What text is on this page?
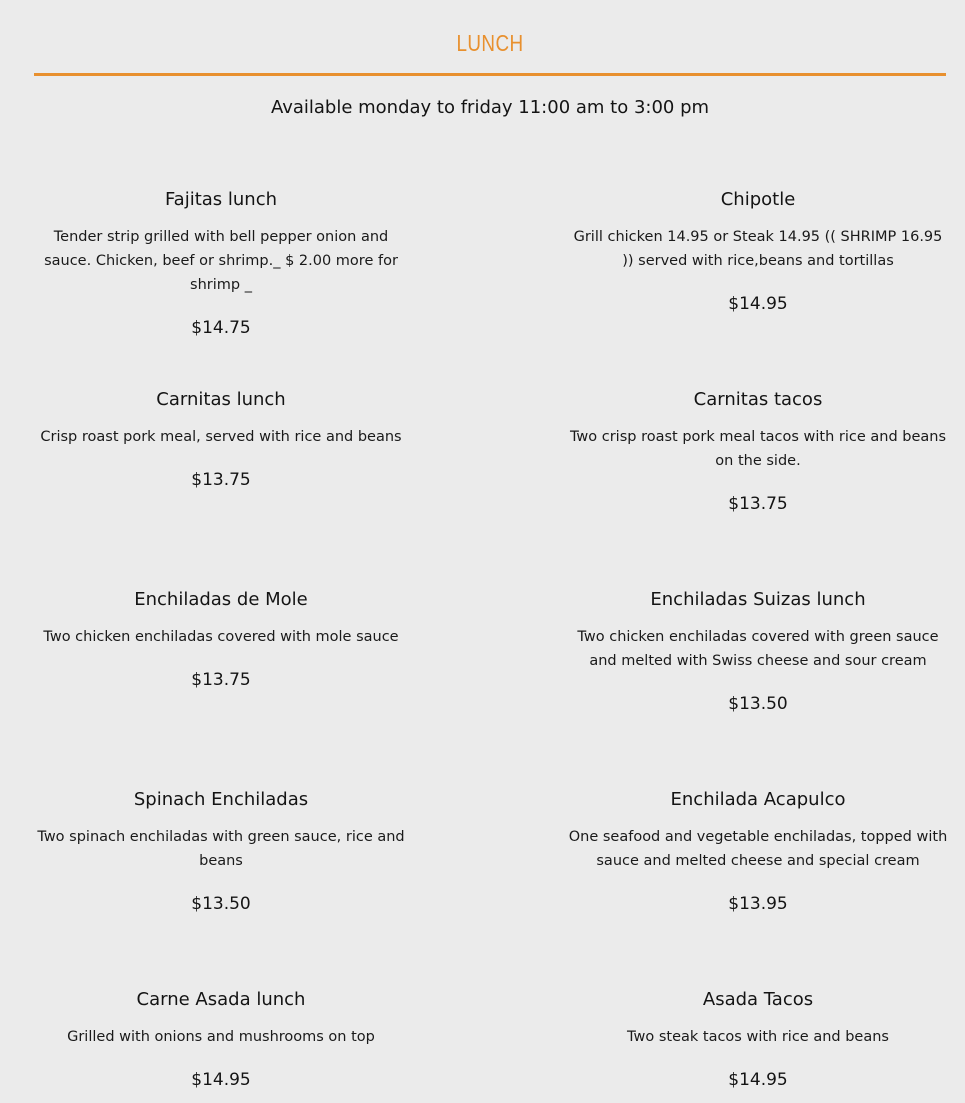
LUNCH
Available monday to friday 11:00 am to 3:00 pm
Fajitas lunch
Tender strip grilled with bell pepper onion and sauce. Chicken, beef or shrimp._ $ 2.00 more for shrimp _
$14.75
Chipotle
Grill chicken 14.95 or Steak 14.95 (( SHRIMP 16.95 )) served with rice,beans and tortillas
$14.95
Carnitas lunch
Crisp roast pork meal, served with rice and beans
$13.75
Carnitas tacos
Two crisp roast pork meal tacos with rice and beans on the side.
$13.75
Enchiladas de Mole
Two chicken enchiladas covered with mole sauce
$13.75
Enchiladas Suizas lunch
Two chicken enchiladas covered with green sauce and melted with Swiss cheese and sour cream
$13.50
Spinach Enchiladas
Two spinach enchiladas with green sauce, rice and beans
$13.50
Enchilada Acapulco
One seafood and vegetable enchiladas, topped with sauce and melted cheese and special cream
$13.95
Carne Asada lunch
Grilled with onions and mushrooms on top
$14.95
Asada Tacos
Two steak tacos with rice and beans
$14.95
